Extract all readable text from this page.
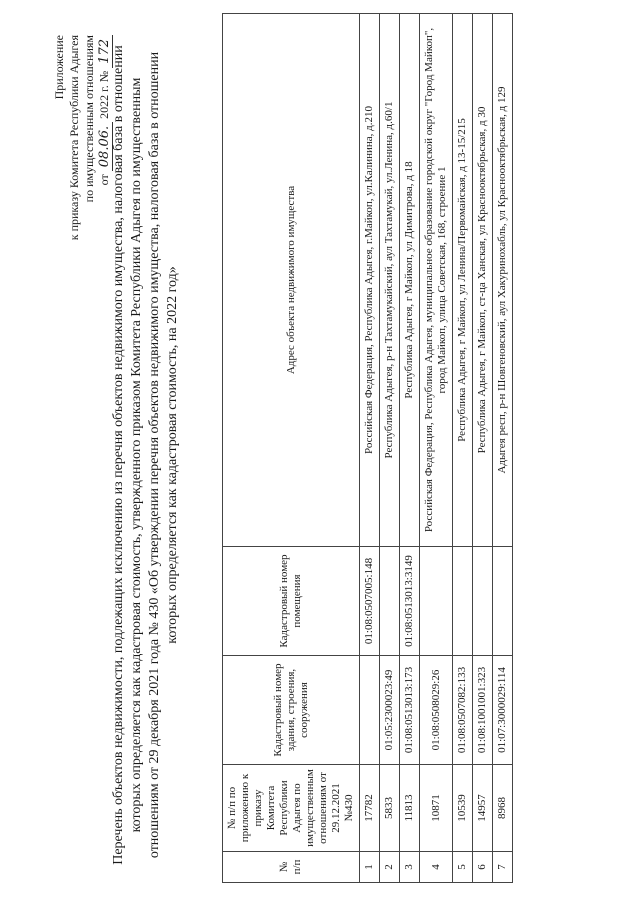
Приложение к приказу Комитета Республики Адыгея по имущественным отношениям от 08.06. 2022 г. № 172 Перечень объектов недвижимости, подлежащих исключению из перечня объектов недвижимого имущества, налоговая база в отношении которых определяется как кадастровая стоимость, утвержденного приказом Комитета Республики Адыгея по имущественным отношениям от 29 декабря 2021 года № 430 «Об утверждении перечня объектов недвижимого имущества, налоговая база в отношении которых определяется как кадастровая стоимость, на 2022 год»
№ п/п	№ п/п по приложению к приказу Комитета Республики Адыгея по имущественным отношениям от 29.12.2021 №430	Кадастровый номер здания, строения, сооружения	Кадастровый номер помещения	Адрес объекта недвижимого имущества
1	17782		01:08:0507005:148	Российская Федерация, Республика Адыгея, г.Майкоп, ул.Калинина, д.210
2	5833	01:05:2300023:49		Республика Адыгея, р-н Тахтамукайский, аул Тахтамукай, ул.Ленина, д.60/1
3	11813	01:08:0513013:173	01:08:0513013:3149	Республика Адыгея, г Майкоп, ул Димитрова, д 18
4	10871	01:08:0508029:26		Российская Федерация, Республика Адыгея, муниципальное образование городской округ "Город Майкоп", город Майкоп, улица Советская, 168, строение 1
5	10539	01:08:0507082:133		Республика Адыгея, г Майкоп, ул Ленина/Первомайская, д 13-15/215
6	14957	01:08:1001001:323		Республика Адыгея, г Майкоп, ст-ца Ханская, ул Краснооктябрьская, д 30
7	8968	01:07:3000029:114		Адыгея респ, р-н Шовгеновский, аул Хакуринохабль, ул Краснооктябрьская, д 129
